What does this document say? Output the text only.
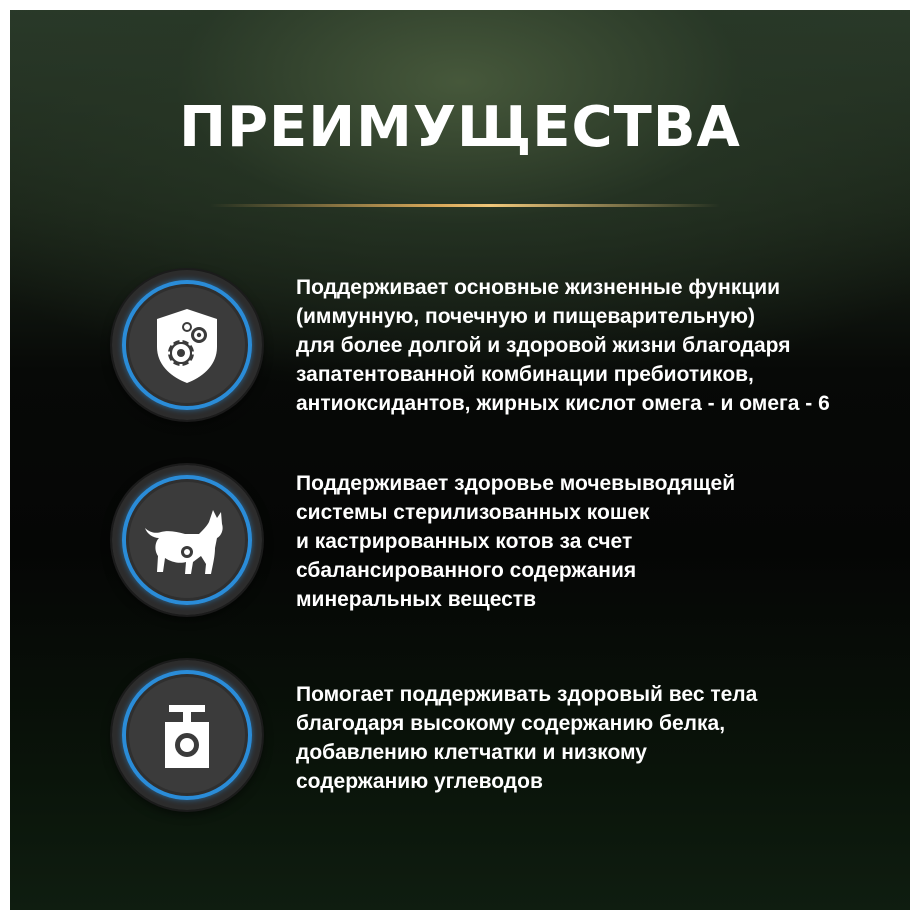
ПРЕИМУЩЕСТВА
Поддерживает основные жизненные функции
(иммунную, почечную и пищеварительную)
для более долгой и здоровой жизни благодаря
запатентованной комбинации пребиотиков,
антиоксидантов, жирных кислот омега - и омега - 6
Поддерживает здоровье мочевыводящей
системы стерилизованных кошек
и кастрированных котов за счет
сбалансированного содержания
минеральных веществ
Помогает поддерживать здоровый вес тела
благодаря высокому содержанию белка,
добавлению клетчатки и низкому
содержанию углеводов
